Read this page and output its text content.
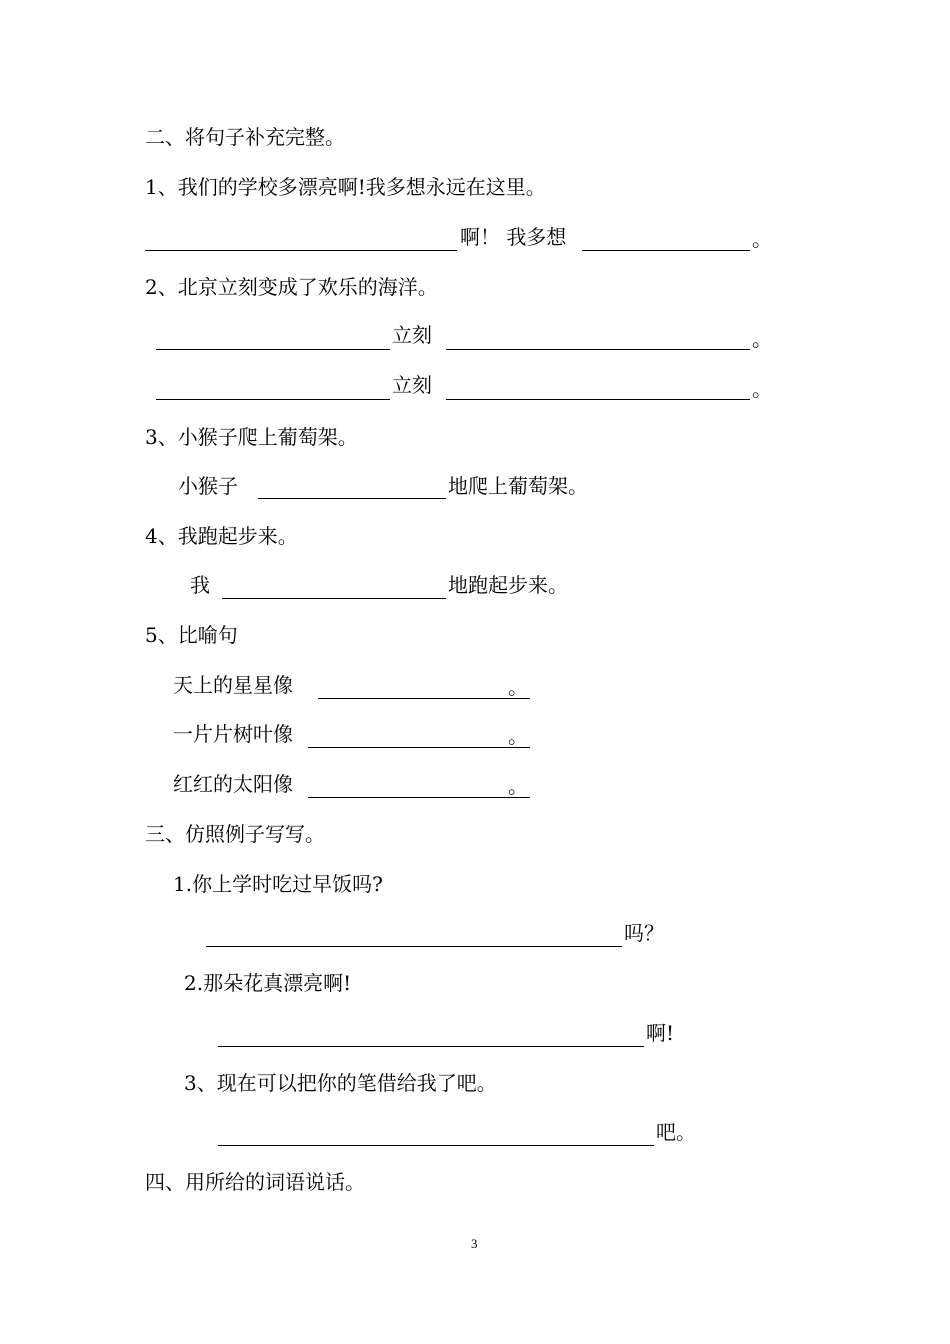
二、将句子补充完整。
1、我们的学校多漂亮啊!我多想永远在这里。
啊！ 我多想	。
2、北京立刻变成了欢乐的海洋。
立刻	。
立刻	。
3、小猴子爬上葡萄架。
小猴子	地爬上葡萄架。
4、我跑起步来。
我	地跑起步来。
5、比喻句
天上的星星像	。
一片片树叶像	。
红红的太阳像	。
三、仿照例子写写。
1.你上学时吃过早饭吗?
吗？
2.那朵花真漂亮啊!
啊!
3、现在可以把你的笔借给我了吧。
吧。
四、用所给的词语说话。
3
